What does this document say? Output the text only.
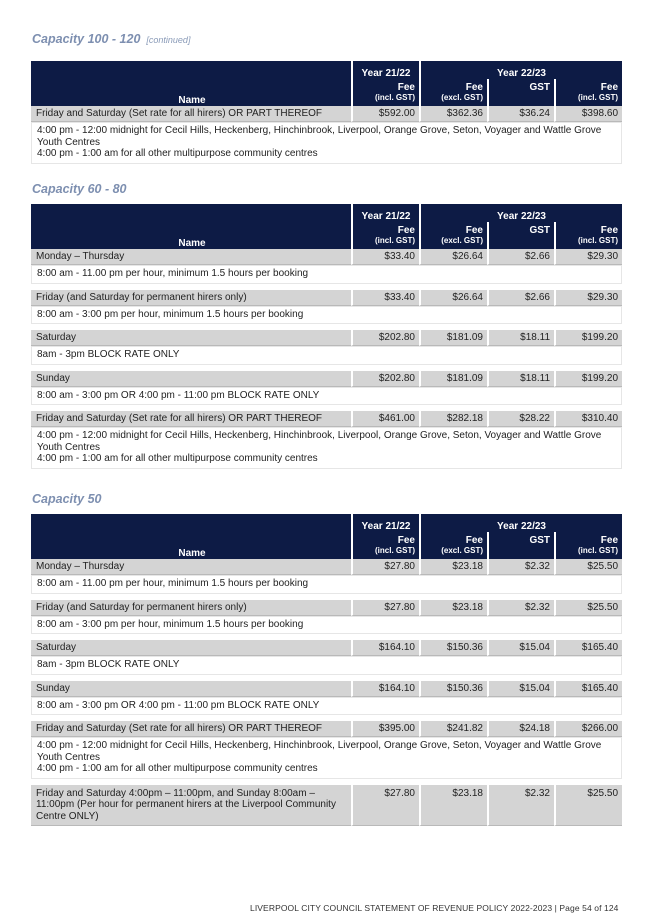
Capacity 100 - 120 [continued]
Name	Year 21/22	Year 22/23		
	Fee	Fee	GST	Fee
	(incl. GST)	(excl. GST)		(incl. GST)
Friday and Saturday (Set rate for all hirers) OR PART THEREOF	$592.00	$362.36	$36.24	$398.60

4:00 pm - 12:00 midnight for Cecil Hills, Heckenberg, Hinchinbrook, Liverpool, Orange Grove, Seton, Voyager and Wattle Grove
Youth Centres
4:00 pm - 1:00 am for all other multipurpose community centres				
Capacity 60 - 80
Name	Year 21/22	Year 22/23		
	Fee	Fee	GST	Fee
	(incl. GST)	(excl. GST)		(incl. GST)
Monday – Thursday	$33.40	$26.64	$2.66	$29.30
8:00 am - 11.00 pm per hour, minimum 1.5 hours per booking				

Friday (and Saturday for permanent hirers only)	$33.40	$26.64	$2.66	$29.30
8:00 am - 3:00 pm per hour, minimum 1.5 hours per booking				

Saturday	$202.80	$181.09	$18.11	$199.20
8am - 3pm BLOCK RATE ONLY				

Sunday	$202.80	$181.09	$18.11	$199.20
8:00 am - 3:00 pm OR 4:00 pm - 11:00 pm BLOCK RATE ONLY				

Friday and Saturday (Set rate for all hirers) OR PART THEREOF	$461.00	$282.18	$28.22	$310.40

4:00 pm - 12:00 midnight for Cecil Hills, Heckenberg, Hinchinbrook, Liverpool, Orange Grove, Seton, Voyager and Wattle Grove
Youth Centres
4:00 pm - 1:00 am for all other multipurpose community centres				
Capacity 50
Name	Year 21/22	Year 22/23		
	Fee	Fee	GST	Fee
	(incl. GST)	(excl. GST)		(incl. GST)
Monday – Thursday	$27.80	$23.18	$2.32	$25.50
8:00 am - 11.00 pm per hour, minimum 1.5 hours per booking				

Friday (and Saturday for permanent hirers only)	$27.80	$23.18	$2.32	$25.50
8:00 am - 3:00 pm per hour, minimum 1.5 hours per booking				

Saturday	$164.10	$150.36	$15.04	$165.40
8am - 3pm BLOCK RATE ONLY				

Sunday	$164.10	$150.36	$15.04	$165.40
8:00 am - 3:00 pm OR 4:00 pm - 11:00 pm BLOCK RATE ONLY				

Friday and Saturday (Set rate for all hirers) OR PART THEREOF	$395.00	$241.82	$24.18	$266.00

4:00 pm - 12:00 midnight for Cecil Hills, Heckenberg, Hinchinbrook, Liverpool, Orange Grove, Seton, Voyager and Wattle Grove
Youth Centres
4:00 pm - 1:00 am for all other multipurpose community centres				

Friday and Saturday 4:00pm – 11:00pm, and Sunday 8:00am – 11:00pm (Per hour for permanent hirers at the Liverpool Community Centre ONLY)	$27.80	$23.18	$2.32	$25.50
LIVERPOOL CITY COUNCIL STATEMENT OF REVENUE POLICY 2022-2023 | Page 54 of 124
